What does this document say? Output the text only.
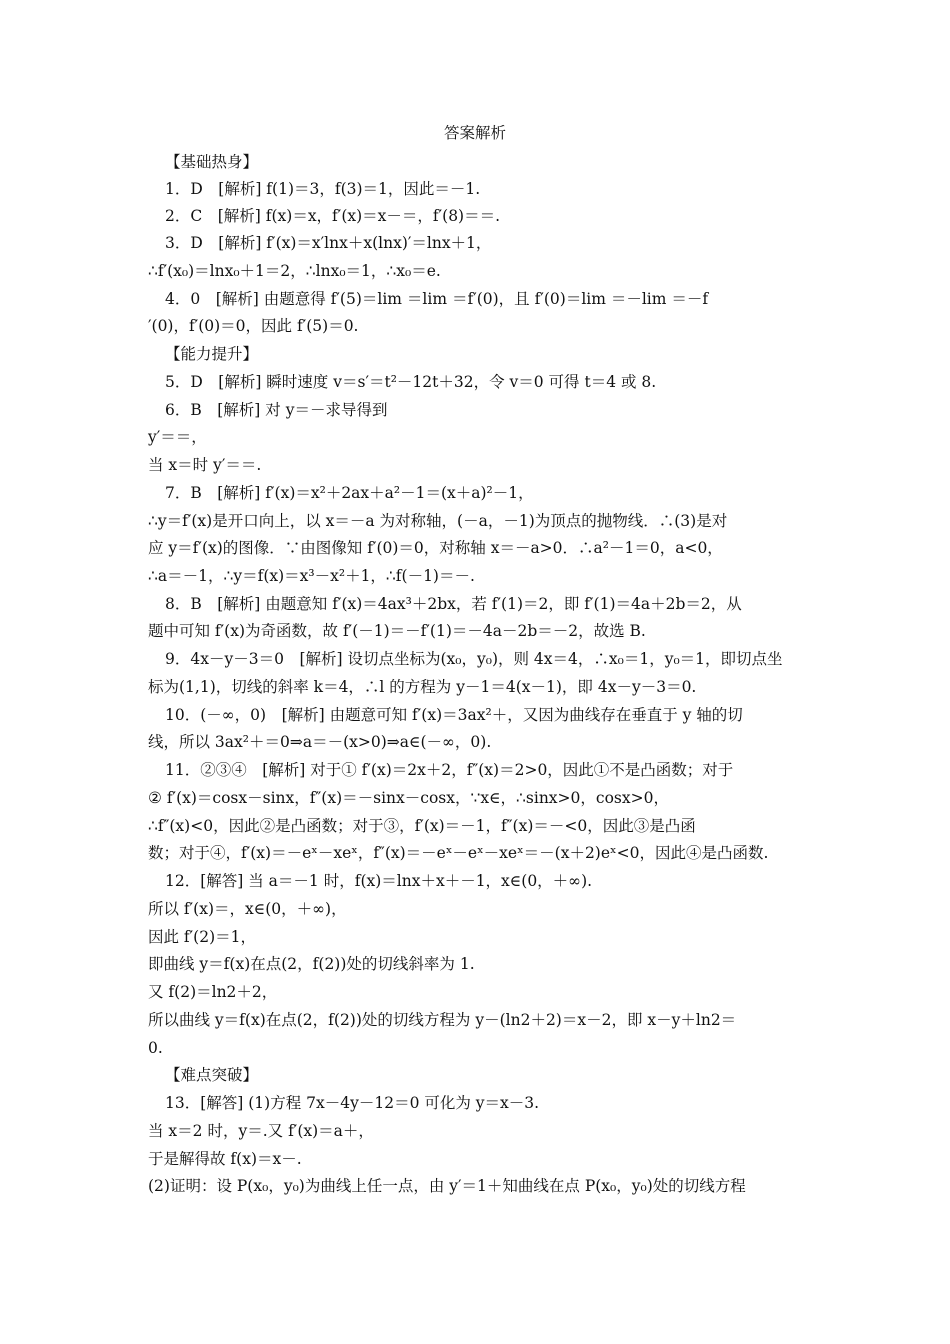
答案解析
【基础热身】
1．D　[解析] f(1)＝3，f(3)＝1，因此＝－1.
2．C　[解析] f(x)＝x，f′(x)＝x－＝，f′(8)＝＝.
3．D　[解析] f′(x)＝x′lnx＋x(lnx)′＝lnx＋1，
∴f′(x₀)＝lnx₀＋1＝2，∴lnx₀＝1，∴x₀＝e.
4．0　[解析] 由题意得 f′(5)＝lim ＝lim ＝f′(0)，且 f′(0)＝lim ＝－lim ＝－f
′(0)，f′(0)＝0，因此 f′(5)＝0.
【能力提升】
5．D　[解析] 瞬时速度 v＝s′＝t²－12t＋32，令 v＝0 可得 t＝4 或 8.
6．B　[解析] 对 y＝－求导得到
y′＝＝，
当 x＝时 y′＝＝.
7．B　[解析] f′(x)＝x²＋2ax＋a²－1＝(x＋a)²－1，
∴y＝f′(x)是开口向上，以 x＝－a 为对称轴，(－a，－1)为顶点的抛物线．∴(3)是对
应 y＝f′(x)的图像．∵由图像知 f′(0)＝0，对称轴 x＝－a>0．∴a²－1＝0，a<0，
∴a＝－1，∴y＝f(x)＝x³－x²＋1，∴f(－1)＝－.
8．B　[解析] 由题意知 f′(x)＝4ax³＋2bx，若 f′(1)＝2，即 f′(1)＝4a＋2b＝2，从
题中可知 f′(x)为奇函数，故 f′(－1)＝－f′(1)＝－4a－2b＝－2，故选 B.
9．4x－y－3＝0　[解析] 设切点坐标为(x₀，y₀)，则 4x＝4，∴x₀＝1，y₀＝1，即切点坐
标为(1,1)，切线的斜率 k＝4，∴l 的方程为 y－1＝4(x－1)，即 4x－y－3＝0.
10．(－∞，0)　[解析] 由题意可知 f′(x)＝3ax²＋，又因为曲线存在垂直于 y 轴的切
线，所以 3ax²＋＝0⇒a＝－(x>0)⇒a∈(－∞，0).
11．②③④　[解析] 对于① f′(x)＝2x＋2，f″(x)＝2>0，因此①不是凸函数；对于
② f′(x)＝cosx－sinx，f″(x)＝－sinx－cosx，∵x∈，∴sinx>0，cosx>0，
∴f″(x)<0，因此②是凸函数；对于③，f′(x)＝－1，f″(x)＝－<0，因此③是凸函
数；对于④，f′(x)＝－eˣ－xeˣ，f″(x)＝－eˣ－eˣ－xeˣ＝－(x＋2)eˣ<0，因此④是凸函数.
12．[解答] 当 a＝－1 时，f(x)＝lnx＋x＋－1，x∈(0，＋∞).
所以 f′(x)＝，x∈(0，＋∞)，
因此 f′(2)＝1，
即曲线 y＝f(x)在点(2，f(2))处的切线斜率为 1.
又 f(2)＝ln2＋2，
所以曲线 y＝f(x)在点(2，f(2))处的切线方程为 y－(ln2＋2)＝x－2，即 x－y＋ln2＝
0.
【难点突破】
13．[解答] (1)方程 7x－4y－12＝0 可化为 y＝x－3.
当 x＝2 时，y＝.又 f′(x)＝a＋，
于是解得故 f(x)＝x－.
(2)证明：设 P(x₀，y₀)为曲线上任一点，由 y′＝1＋知曲线在点 P(x₀，y₀)处的切线方程
